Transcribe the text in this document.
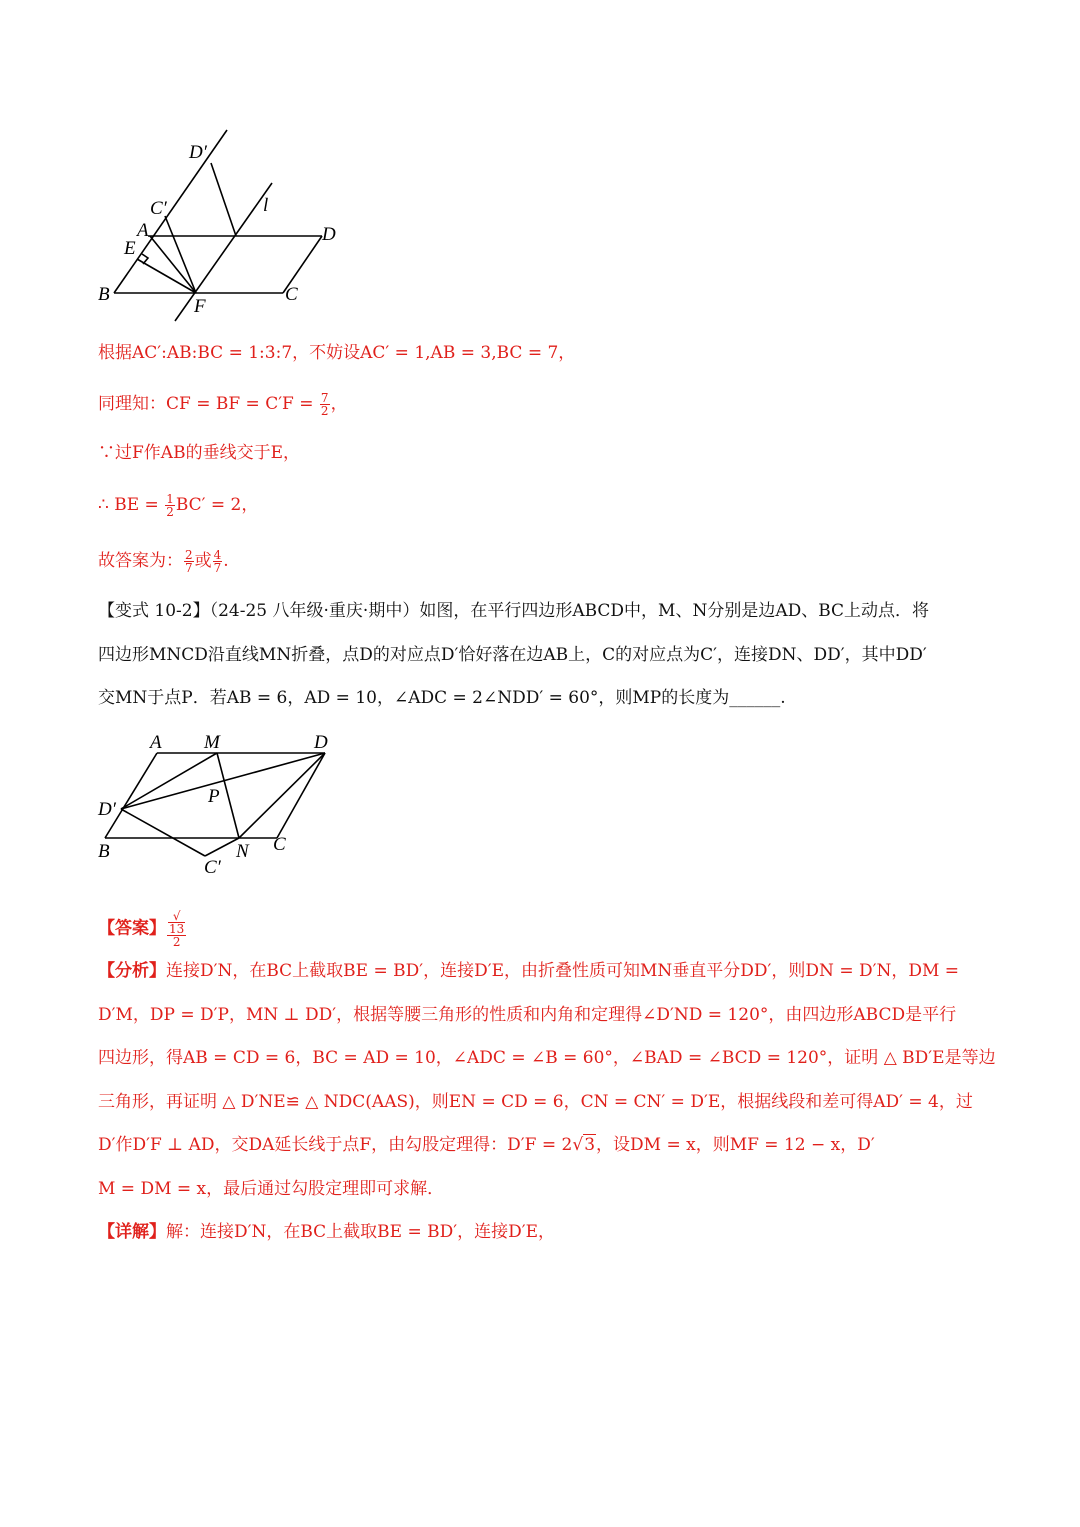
D′
C′	l
A	D
E
B	C
F
根据AC′:AB:BC = 1:3:7，不妨设AC′ = 1,AB = 3,BC = 7，
同理知：CF = BF = $C'F = \frac{7}{2}$ ，
∵过F作AB的垂线交于E，
∴ BE = $\frac{1}{2} BC' = 2$，
故答案为： $\frac{2}{7}$ 或 $\frac{4}{7}$ .
【变式 10-2】（24-25 八年级·重庆·期中）如图，在平行四边形ABCD中，M、N分别是边AD、BC上动点．将
四边形MNCD沿直线MN折叠，点D的对应点D′恰好落在边AB上，C的对应点为C′，连接DN、DD′，其中DD′
交MN于点P．若AB = 6，AD = 10，∠ADC = 2∠NDD′ = 60°，则MP的长度为______.
A M	D
P
D′
B	N C
C′
【答案】 √
13
2
【分析】连接D′N，在BC上截取BE = BD′，连接D′E，由折叠性质可知MN垂直平分DD′，则DN = D′N，DM =
D′M，DP = D′P，MN ⊥ DD′，根据等腰三角形的性质和内角和定理得∠D′ND = 120°，由四边形ABCD是平行
四边形，得AB = CD = 6，BC = AD = 10，∠ADC = ∠B = 60°，∠BAD = ∠BCD = 120°，证明 △ BD′E是等边
三角形，再证明 △ D′NE≌ △ NDC(AAS)，则EN = CD = 6，CN = CN′ = D′E，根据线段和差可得AD′ = 4，过
D′作D′F ⊥ AD，交DA延长线于点F，由勾股定理得：D′F = 2√3，设DM = x，则MF = 12 − x，D′
M = DM = x，最后通过勾股定理即可求解．
【详解】解：连接D′N，在BC上截取BE = BD′，连接D′E，
